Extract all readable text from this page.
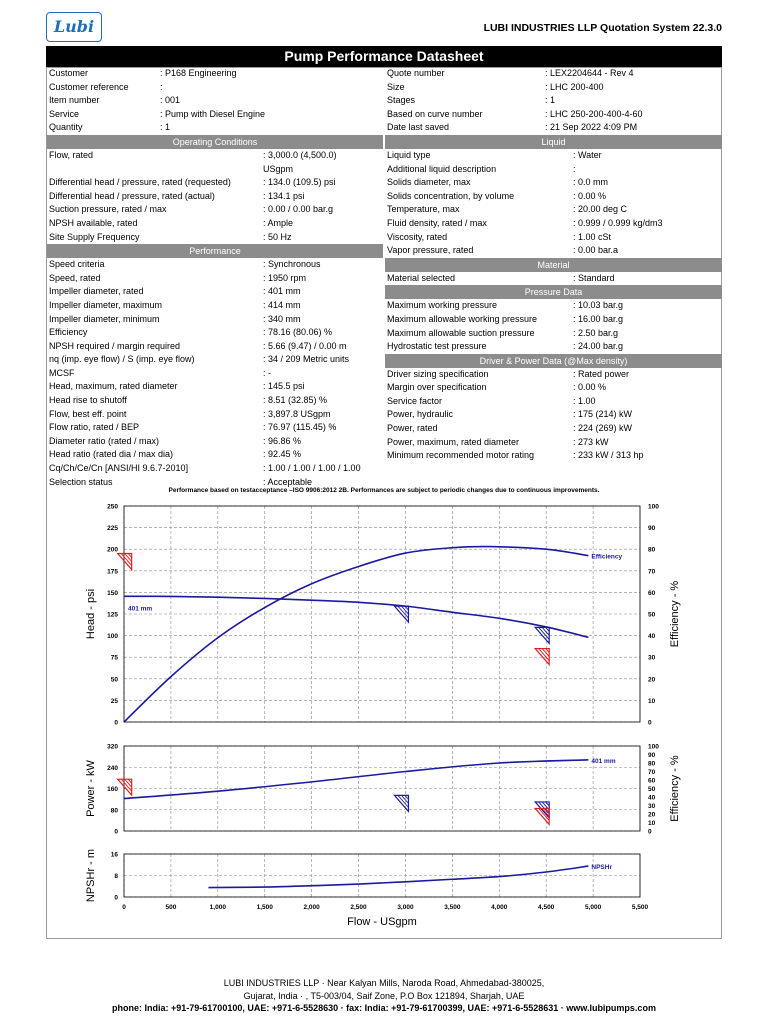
Lubi	LUBI INDUSTRIES LLP Quotation System 22.3.0
Pump Performance Datasheet
Customer	: P168 Engineering
Customer reference	:
Item number	: 001
Service	: Pump with Diesel Engine
Quantity	: 1
Operating Conditions
Flow, rated	: 3,000.0 (4,500.0)
USgpm
Differential head / pressure, rated (requested)	: 134.0 (109.5) psi
Differential head / pressure, rated (actual)	: 134.1 psi
Suction pressure, rated / max	: 0.00 / 0.00 bar.g
NPSH available, rated	: Ample
Site Supply Frequency	: 50 Hz
Performance
Speed criteria	: Synchronous
Speed, rated	: 1950 rpm
Impeller diameter, rated	: 401 mm
Impeller diameter, maximum	: 414 mm
Impeller diameter, minimum	: 340 mm
Efficiency	: 78.16 (80.06) %
NPSH required / margin required	: 5.66 (9.47) / 0.00 m
nq (imp. eye flow) / S (imp. eye flow)	: 34 / 209 Metric units
MCSF	: -
Head, maximum, rated diameter	: 145.5 psi
Head rise to shutoff	: 8.51 (32.85) %
Flow, best eff. point	: 3,897.8 USgpm
Flow ratio, rated / BEP	: 76.97 (115.45) %
Diameter ratio (rated / max)	: 96.86 %
Head ratio (rated dia / max dia)	: 92.45 %
Cq/Ch/Ce/Cn [ANSI/HI 9.6.7-2010]	: 1.00 / 1.00 / 1.00 / 1.00
Selection status	: Acceptable
Quote number	: LEX2204644 - Rev 4
Size	: LHC 200-400
Stages	: 1
Based on curve number	: LHC 250-200-400-4-60
Date last saved	: 21 Sep 2022 4:09 PM
Liquid
Liquid type	: Water
Additional liquid description	:
Solids diameter, max	: 0.0 mm
Solids concentration, by volume	: 0.00 %
Temperature, max	: 20.00 deg C
Fluid density, rated / max	: 0.999 / 0.999 kg/dm3
Viscosity, rated	: 1.00 cSt
Vapor pressure, rated	: 0.00 bar.a
Material
Material selected	: Standard
Pressure Data
Maximum working pressure	: 10.03 bar.g
Maximum allowable working pressure	: 16.00 bar.g
Maximum allowable suction pressure	: 2.50 bar.g
Hydrostatic test pressure	: 24.00 bar.g
Driver & Power Data (@Max density)
Driver sizing specification	: Rated power
Margin over specification	: 0.00 %
Service factor	: 1.00
Power, hydraulic	: 175 (214) kW
Power, rated	: 224 (269) kW
Power, maximum, rated diameter	: 273 kW
Minimum recommended motor rating	: 233 kW / 313 hp
Performance based on testacceptance –ISO 9906:2012 2B. Performances are subject to periodic changes due to continuous improvements.
0
25
50
75
100
125
150
175
200
225
250
0
10
20
30
40
50
60
70
80
90
100
Efficiency - %
Head - psi	401 mm
Efficiency
0
80
160
240
320
0
10
20
30
40
50
60
70
80
90
100
Efficiency - %
Power - kW	401 mm
0
8
16
NPSHr - m
0	500	1,000	1,500	2,000	2,500	3,000	3,500	4,000	4,500	5,000	5,500
Flow - USgpm
NPSHr
LUBI INDUSTRIES LLP · Near Kalyan Mills, Naroda Road, Ahmedabad-380025,
Gujarat, India · , T5-003/04, Saif Zone, P.O Box 121894, Sharjah, UAE
phone: India: +91-79-61700100, UAE: +971-6-5528630 · fax: India: +91-79-61700399, UAE: +971-6-5528631 · www.lubipumps.com
